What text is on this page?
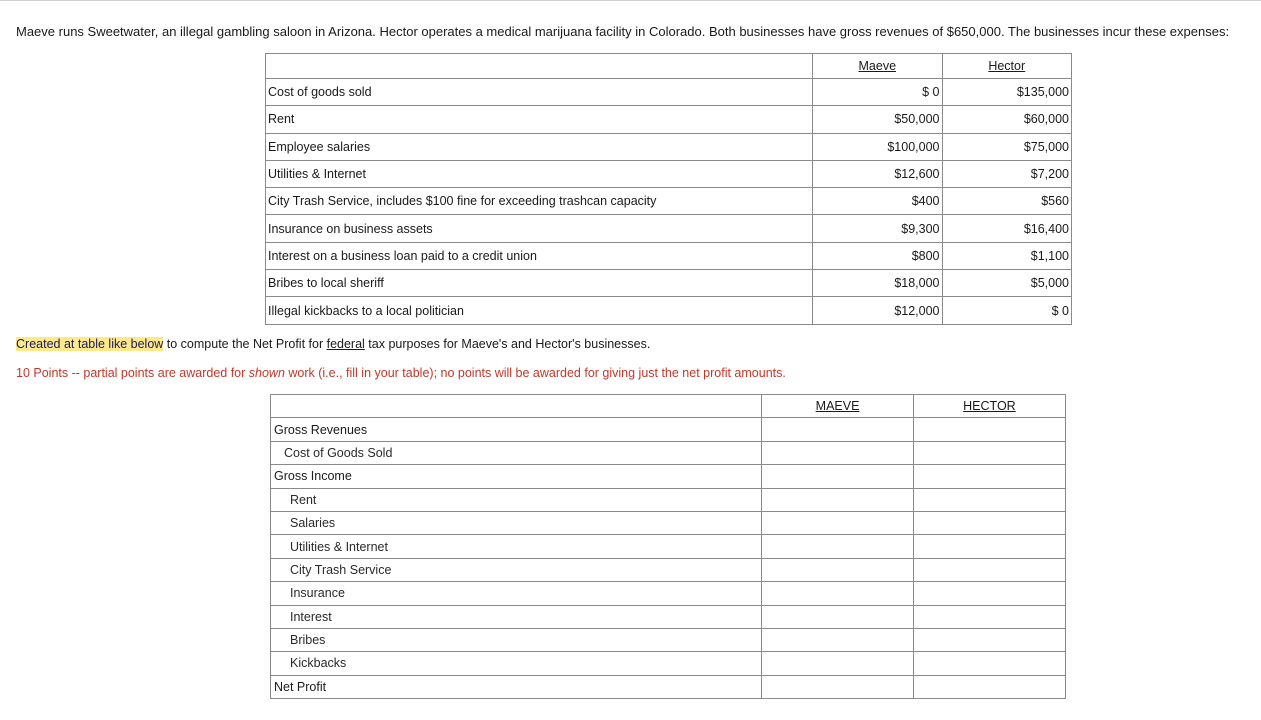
Maeve runs Sweetwater, an illegal gambling saloon in Arizona. Hector operates a medical marijuana facility in Colorado. Both businesses have gross revenues of $650,000. The businesses incur these expenses:
	Maeve	Hector
Cost of goods sold	$ 0	$135,000
Rent	$50,000	$60,000
Employee salaries	$100,000	$75,000
Utilities & Internet	$12,600	$7,200
City Trash Service, includes $100 fine for exceeding trashcan capacity	$400	$560
Insurance on business assets	$9,300	$16,400
Interest on a business loan paid to a credit union	$800	$1,100
Bribes to local sheriff	$18,000	$5,000
Illegal kickbacks to a local politician	$12,000	$ 0
Created at table like below to compute the Net Profit for federal tax purposes for Maeve's and Hector's businesses.
10 Points -- partial points are awarded for shown work (i.e., fill in your table); no points will be awarded for giving just the net profit amounts.
	MAEVE	HECTOR
Gross Revenues		
Cost of Goods Sold		
Gross Income		
Rent		
Salaries		
Utilities & Internet		
City Trash Service		
Insurance		
Interest		
Bribes		
Kickbacks		
Net Profit		
